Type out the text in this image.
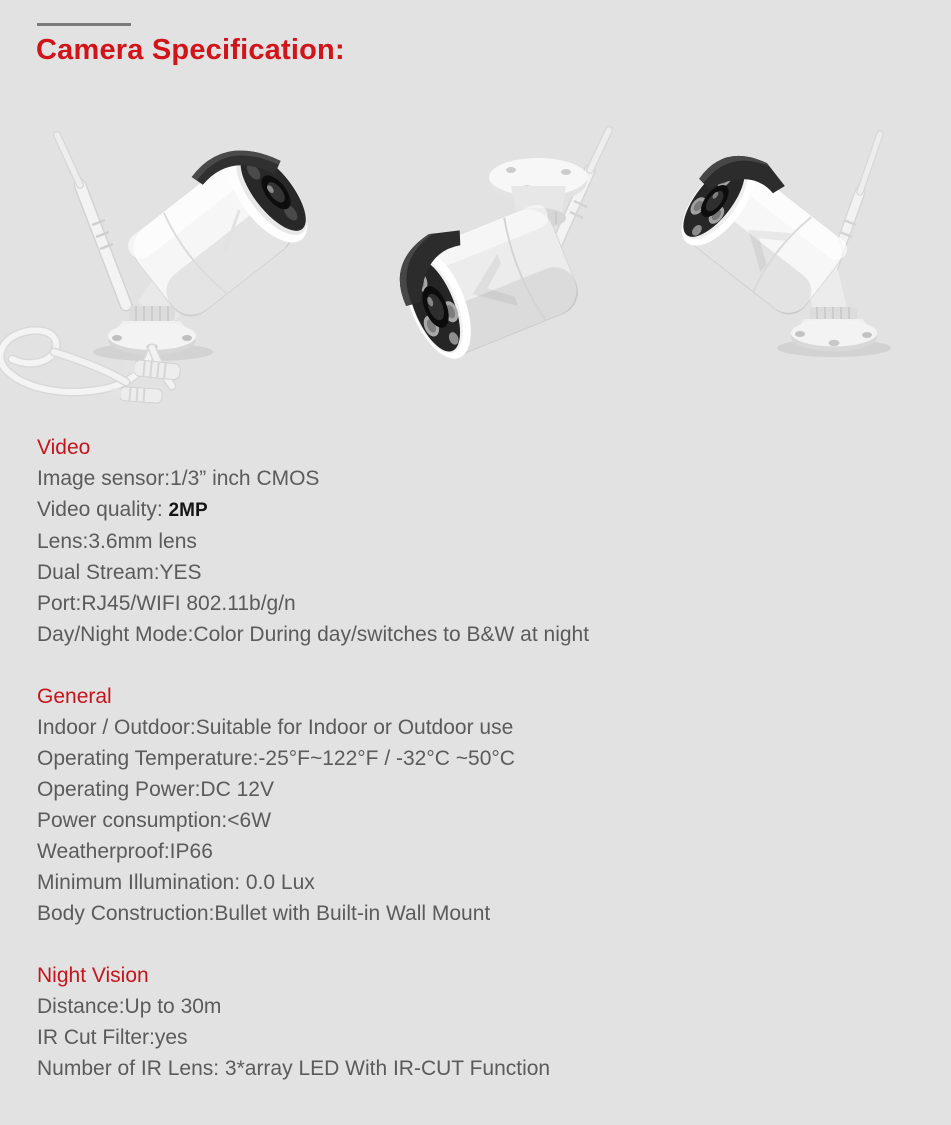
Camera Specification:
Video
Image sensor:1/3” inch CMOS
Video quality: 2MP
Lens:3.6mm lens
Dual Stream:YES
Port:RJ45/WIFI 802.11b/g/n
Day/Night Mode:Color During day/switches to B&W at night
General
Indoor / Outdoor:Suitable for Indoor or Outdoor use
Operating Temperature:-25°F~122°F / -32°C ~50°C
Operating Power:DC 12V
Power consumption:<6W
Weatherproof:IP66
Minimum Illumination: 0.0 Lux
Body Construction:Bullet with Built-in Wall Mount
Night Vision
Distance:Up to 30m
IR Cut Filter:yes
Number of IR Lens: 3*array LED With IR-CUT Function
